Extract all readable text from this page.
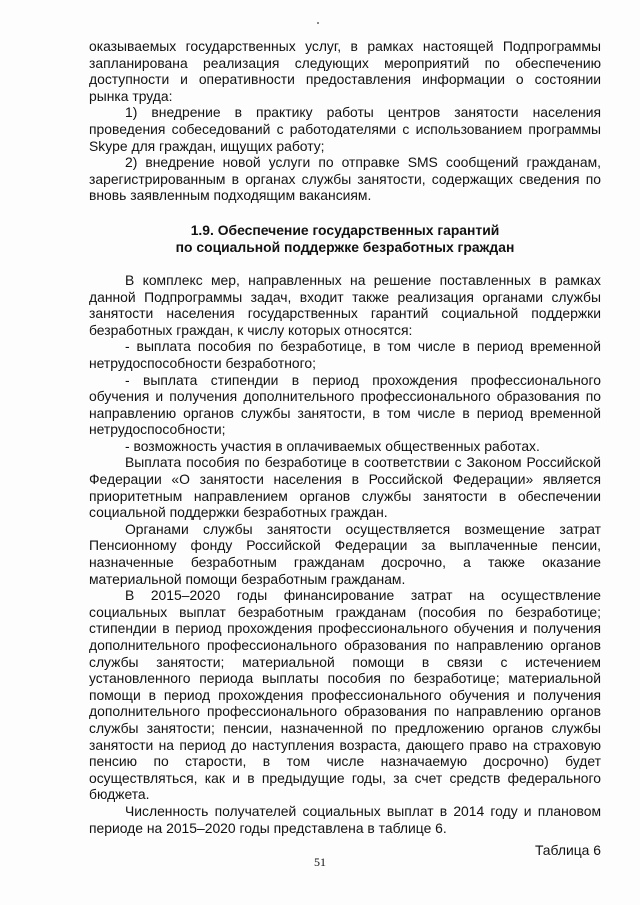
оказываемых государственных услуг, в рамках настоящей Подпрограммы запланирована реализация следующих мероприятий по обеспечению доступности и оперативности предоставления информации о состоянии рынка труда:

1) внедрение в практику работы центров занятости населения проведения собеседований с работодателями с использованием программы Skype для граждан, ищущих работу;

2) внедрение новой услуги по отправке SMS сообщений гражданам, зарегистрированным в органах службы занятости, содержащих сведения по вновь заявленным подходящим вакансиям.

1.9. Обеспечение государственных гарантий
по социальной поддержке безработных граждан

В комплекс мер, направленных на решение поставленных в рамках данной Подпрограммы задач, входит также реализация органами службы занятости населения государственных гарантий социальной поддержки безработных граждан, к числу которых относятся:

- выплата пособия по безработице, в том числе в период временной нетрудоспособности безработного;

- выплата стипендии в период прохождения профессионального обучения и получения дополнительного профессионального образования по направлению органов службы занятости, в том числе в период временной нетрудоспособности;

- возможность участия в оплачиваемых общественных работах.

Выплата пособия по безработице в соответствии с Законом Российской Федерации «О занятости населения в Российской Федерации» является приоритетным направлением органов службы занятости в обеспечении социальной поддержки безработных граждан.

Органами службы занятости осуществляется возмещение затрат Пенсионному фонду Российской Федерации за выплаченные пенсии, назначенные безработным гражданам досрочно, а также оказание материальной помощи безработным гражданам.

В 2015–2020 годы финансирование затрат на осуществление социальных выплат безработным гражданам (пособия по безработице; стипендии в период прохождения профессионального обучения и получения дополнительного профессионального образования по направлению органов службы занятости; материальной помощи в связи с истечением установленного периода выплаты пособия по безработице; материальной помощи в период прохождения профессионального обучения и получения дополнительного профессионального образования по направлению органов службы занятости; пенсии, назначенной по предложению органов службы занятости на период до наступления возраста, дающего право на страховую пенсию по старости, в том числе назначаемую досрочно) будет осуществляться, как и в предыдущие годы, за счет средств федерального бюджета.

Численность получателей социальных выплат в 2014 году и плановом периоде на 2015–2020 годы представлена в таблице 6.

Таблица 6

51
